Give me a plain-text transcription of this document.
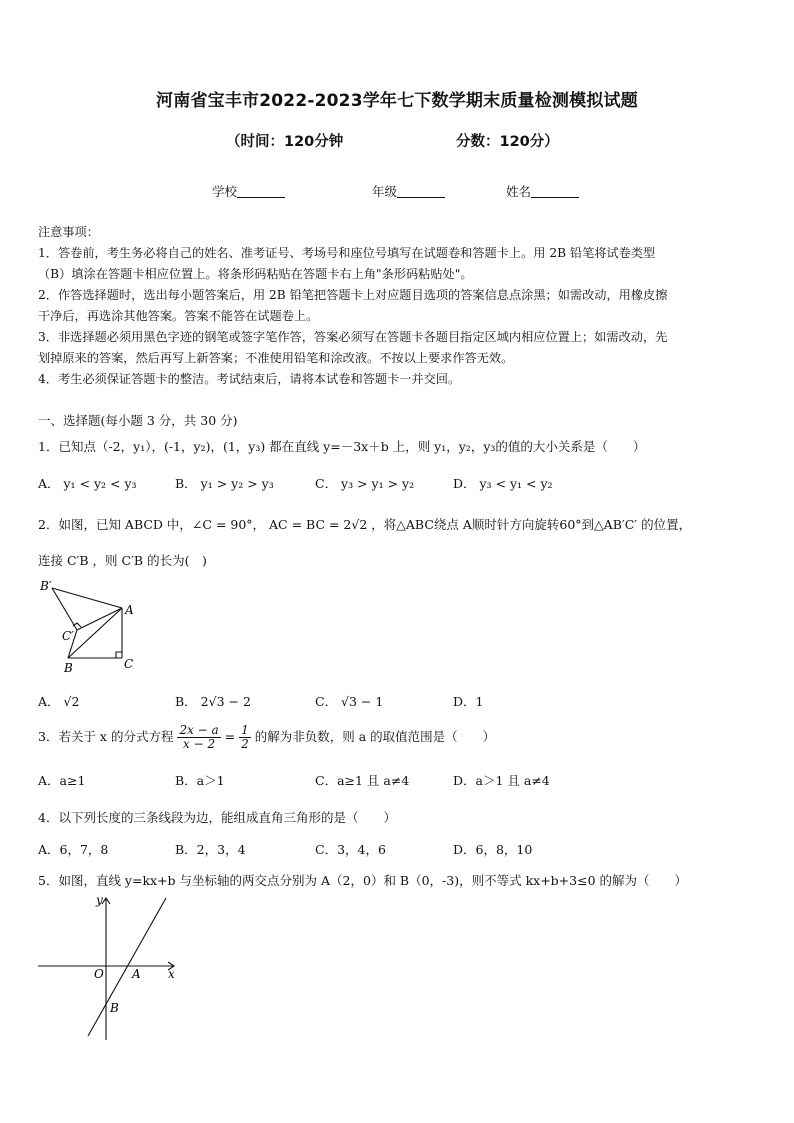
河南省宝丰市2022-2023学年七下数学期末质量检测模拟试题
（时间：120分钟	分数：120分）
学校	年级	姓名
注意事项：
1．答卷前，考生务必将自己的姓名、准考证号、考场号和座位号填写在试题卷和答题卡上。用 2B 铅笔将试卷类型
（B）填涂在答题卡相应位置上。将条形码粘贴在答题卡右上角"条形码粘贴处"。
2．作答选择题时，选出每小题答案后，用 2B 铅笔把答题卡上对应题目选项的答案信息点涂黑；如需改动，用橡皮擦
干净后，再选涂其他答案。答案不能答在试题卷上。
3．非选择题必须用黑色字迹的钢笔或签字笔作答，答案必须写在答题卡各题目指定区域内相应位置上；如需改动，先
划掉原来的答案，然后再写上新答案；不准使用铅笔和涂改液。不按以上要求作答无效。
4．考生必须保证答题卡的整洁。考试结束后，请将本试卷和答题卡一并交回。
一、选择题(每小题 3 分，共 30 分)
1．已知点（-2，y₁），(-1，y₂)，(1，y₃) 都在直线 y=－3x＋b 上，则 y₁，y₂，y₃的值的大小关系是（　　）
A． y₁ < y₂ < y₃	B． y₁ > y₂ > y₃	C． y₃ > y₁ > y₂	D． y₃ < y₁ < y₂
2．如图，已知 ABCD 中，∠C = 90°， AC = BC = 2√2 ，将△ABC绕点 A顺时针方向旋转60°到△AB′C′ 的位置，
连接 C′B ，则 C′B 的长为(　)
B′
A
C′
B	C
A． √2	B． 2√3 − 2	C． √3 − 1	D．1
3．若关于 x 的分式方程 $\frac{2x - a}{x - 2} = \frac{1}{2}$ 的解为非负数，则 a 的取值范围是（　　）
A．a≥1	B．a＞1	C．a≥1 且 a≠4	D．a＞1 且 a≠4
4．以下列长度的三条线段为边，能组成直角三角形的是（　　）
A．6，7，8	B．2，3，4	C．3，4，6	D．6，8，10
5．如图，直线 y=kx+b 与坐标轴的两交点分别为 A（2，0）和 B（0，-3)，则不等式 kx+b+3≤0 的解为（　　）
y
O A x
B
